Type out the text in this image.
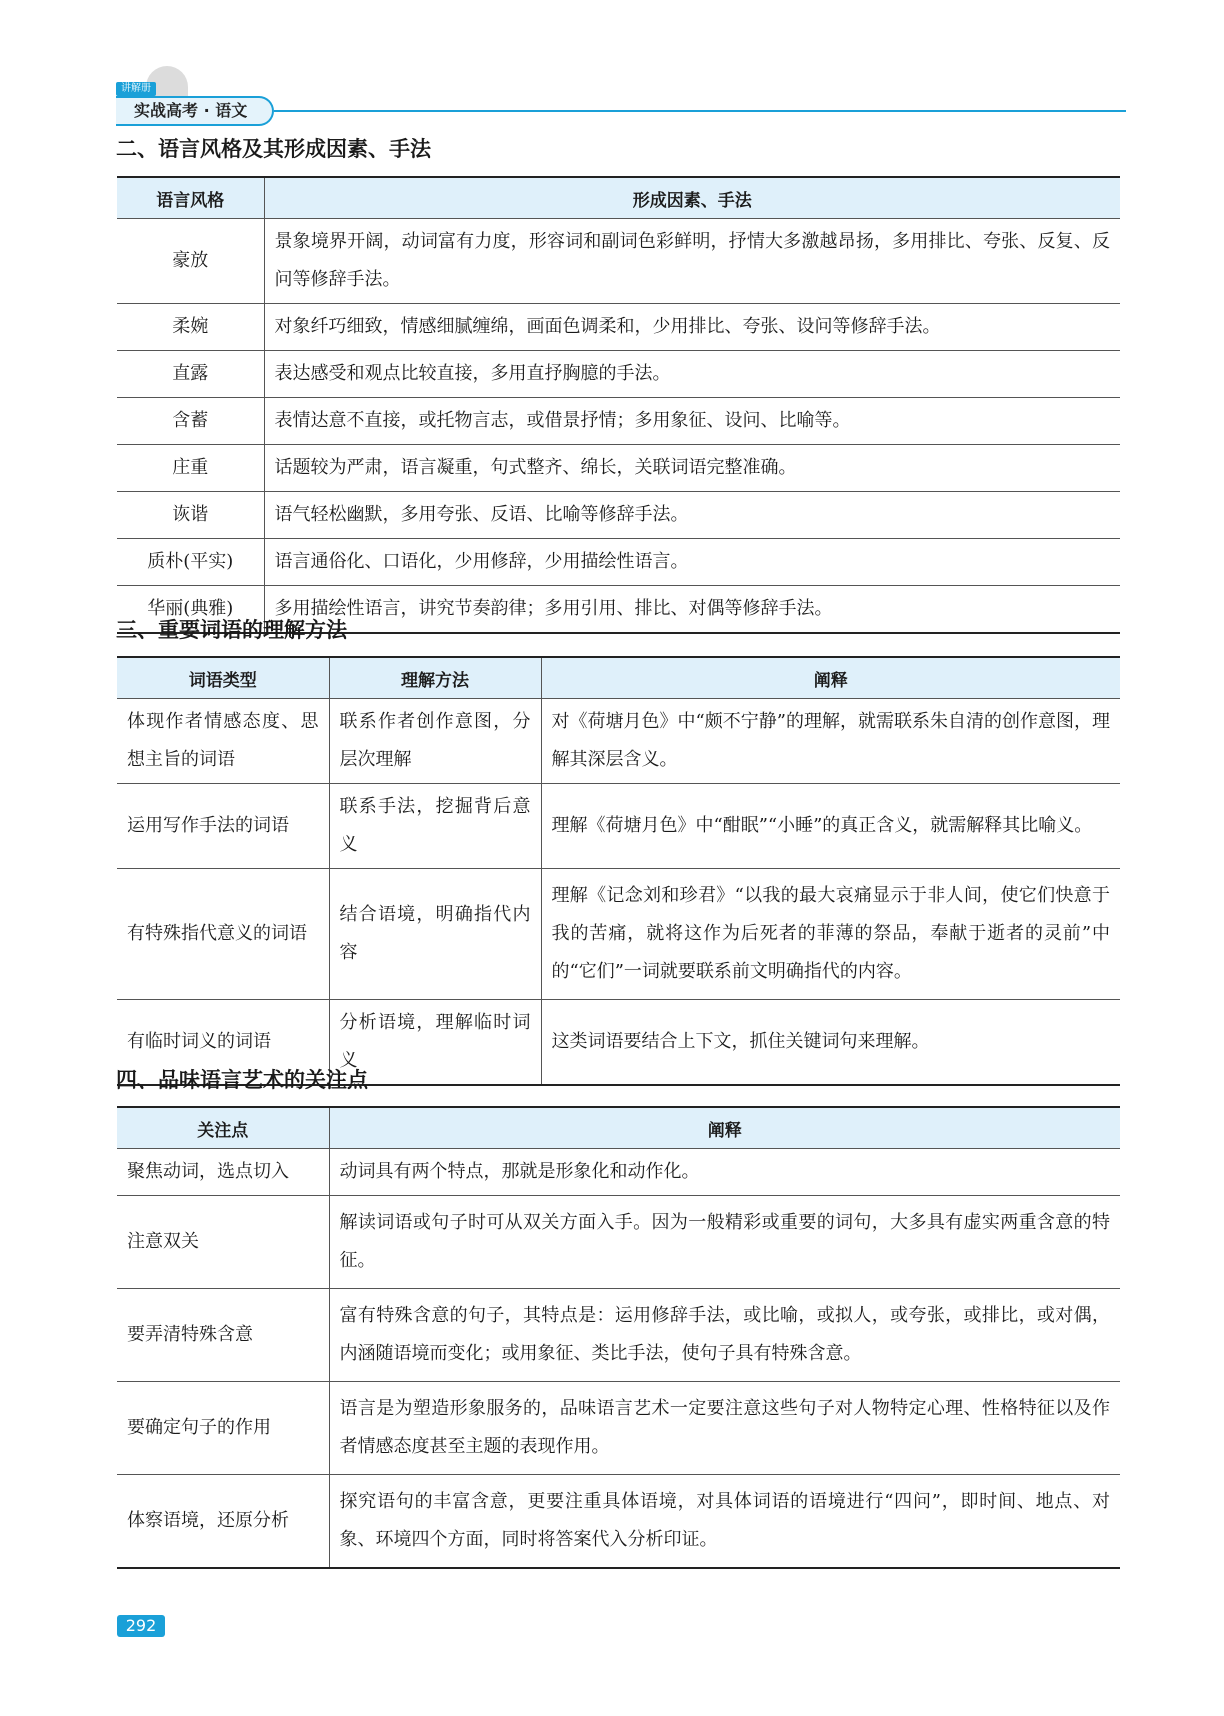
讲解册
实战高考 · 语文
二、语言风格及其形成因素、手法
语言风格	形成因素、手法
豪放	景象境界开阔，动词富有力度，形容词和副词色彩鲜明，抒情大多激越昂扬，多用排比、夸张、反复、反问等修辞手法。
柔婉	对象纤巧细致，情感细腻缠绵，画面色调柔和，少用排比、夸张、设问等修辞手法。
直露	表达感受和观点比较直接，多用直抒胸臆的手法。
含蓄	表情达意不直接，或托物言志，或借景抒情；多用象征、设问、比喻等。
庄重	话题较为严肃，语言凝重，句式整齐、绵长，关联词语完整准确。
诙谐	语气轻松幽默，多用夸张、反语、比喻等修辞手法。
质朴(平实)	语言通俗化、口语化，少用修辞，少用描绘性语言。
华丽(典雅)	多用描绘性语言，讲究节奏韵律；多用引用、排比、对偶等修辞手法。
三、重要词语的理解方法
词语类型	理解方法	阐释
体现作者情感态度、思想主旨的词语	联系作者创作意图，分层次理解	对《荷塘月色》中“颇不宁静”的理解，就需联系朱自清的创作意图，理解其深层含义。
运用写作手法的词语	联系手法，挖掘背后意义	理解《荷塘月色》中“酣眠”“小睡”的真正含义，就需解释其比喻义。
有特殊指代意义的词语	结合语境，明确指代内容	理解《记念刘和珍君》“以我的最大哀痛显示于非人间，使它们快意于我的苦痛，就将这作为后死者的菲薄的祭品，奉献于逝者的灵前”中的“它们”一词就要联系前文明确指代的内容。
有临时词义的词语	分析语境，理解临时词义	这类词语要结合上下文，抓住关键词句来理解。
四、品味语言艺术的关注点
关注点	阐释
聚焦动词，选点切入	动词具有两个特点，那就是形象化和动作化。
注意双关	解读词语或句子时可从双关方面入手。因为一般精彩或重要的词句，大多具有虚实两重含意的特征。
要弄清特殊含意	富有特殊含意的句子，其特点是：运用修辞手法，或比喻，或拟人，或夸张，或排比，或对偶，内涵随语境而变化；或用象征、类比手法，使句子具有特殊含意。
要确定句子的作用	语言是为塑造形象服务的，品味语言艺术一定要注意这些句子对人物特定心理、性格特征以及作者情感态度甚至主题的表现作用。
体察语境，还原分析	探究语句的丰富含意，更要注重具体语境，对具体词语的语境进行“四问”，即时间、地点、对象、环境四个方面，同时将答案代入分析印证。
292
